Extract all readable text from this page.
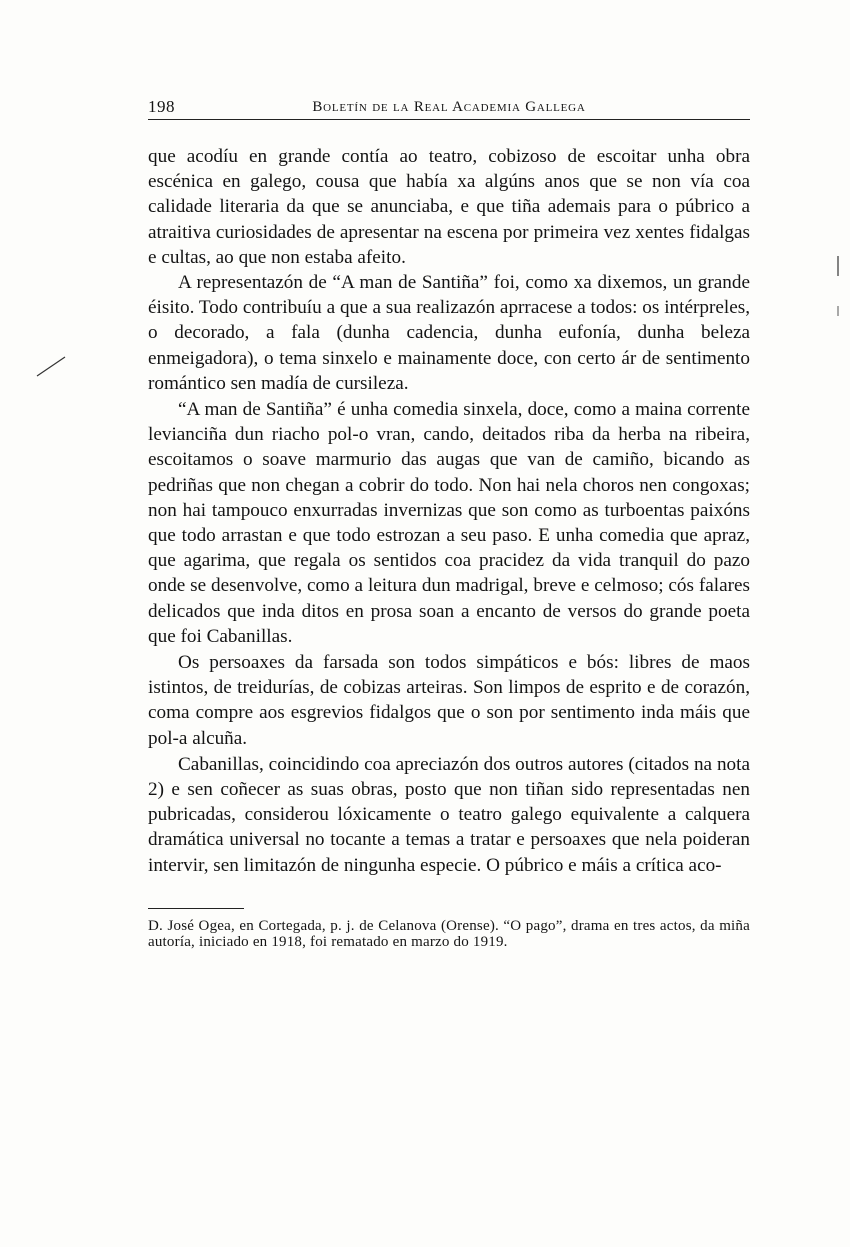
198	Boletín de la Real Academia Gallega

que acodíu en grande contía ao teatro, cobizoso de escoitar unha obra escénica en galego, cousa que había xa algúns anos que se non vía coa calidade literaria da que se anunciaba, e que tiña ademais para o púbrico a atraitiva curiosidades de apresentar na escena por primeira vez xentes fidalgas e cultas, ao que non estaba afeito.

A representazón de “A man de Santiña” foi, como xa dixemos, un grande éisito. Todo contribuíu a que a sua realizazón aprracese a todos: os intérpreles, o decorado, a fala (dunha cadencia, dunha eufonía, dunha beleza enmeigadora), o tema sinxelo e mainamente doce, con certo ár de sentimento romántico sen madía de cursileza.

“A man de Santiña” é unha comedia sinxela, doce, como a maina corrente levianciña dun riacho pol-o vran, cando, deitados riba da herba na ribeira, escoitamos o soave marmurio das augas que van de camiño, bicando as pedriñas que non chegan a cobrir do todo. Non hai nela choros nen congoxas; non hai tampouco enxurradas invernizas que son como as turboentas paixóns que todo arrastan e que todo estrozan a seu paso. E unha comedia que apraz, que agarima, que regala os sentidos coa pracidez da vida tranquil do pazo onde se desenvolve, como a leitura dun madrigal, breve e celmoso; cós falares delicados que inda ditos en prosa soan a encanto de versos do grande poeta que foi Cabanillas.

Os persoaxes da farsada son todos simpáticos e bós: libres de maos istintos, de treidurías, de cobizas arteiras. Son limpos de esprito e de corazón, coma compre aos esgrevios fidalgos que o son por sentimento inda máis que pol-a alcuña.

Cabanillas, coincidindo coa apreciazón dos outros autores (citados na nota 2) e sen coñecer as suas obras, posto que non tiñan sido representadas nen pubricadas, considerou lóxicamente o teatro galego equivalente a calquera dramática universal no tocante a temas a tratar e persoaxes que nela poideran intervir, sen limitazón de ningunha especie. O púbrico e máis a crítica aco-

D. José Ogea, en Cortegada, p. j. de Celanova (Orense). “O pago”, drama en tres actos, da miña autoría, iniciado en 1918, foi rematado en marzo do 1919.
